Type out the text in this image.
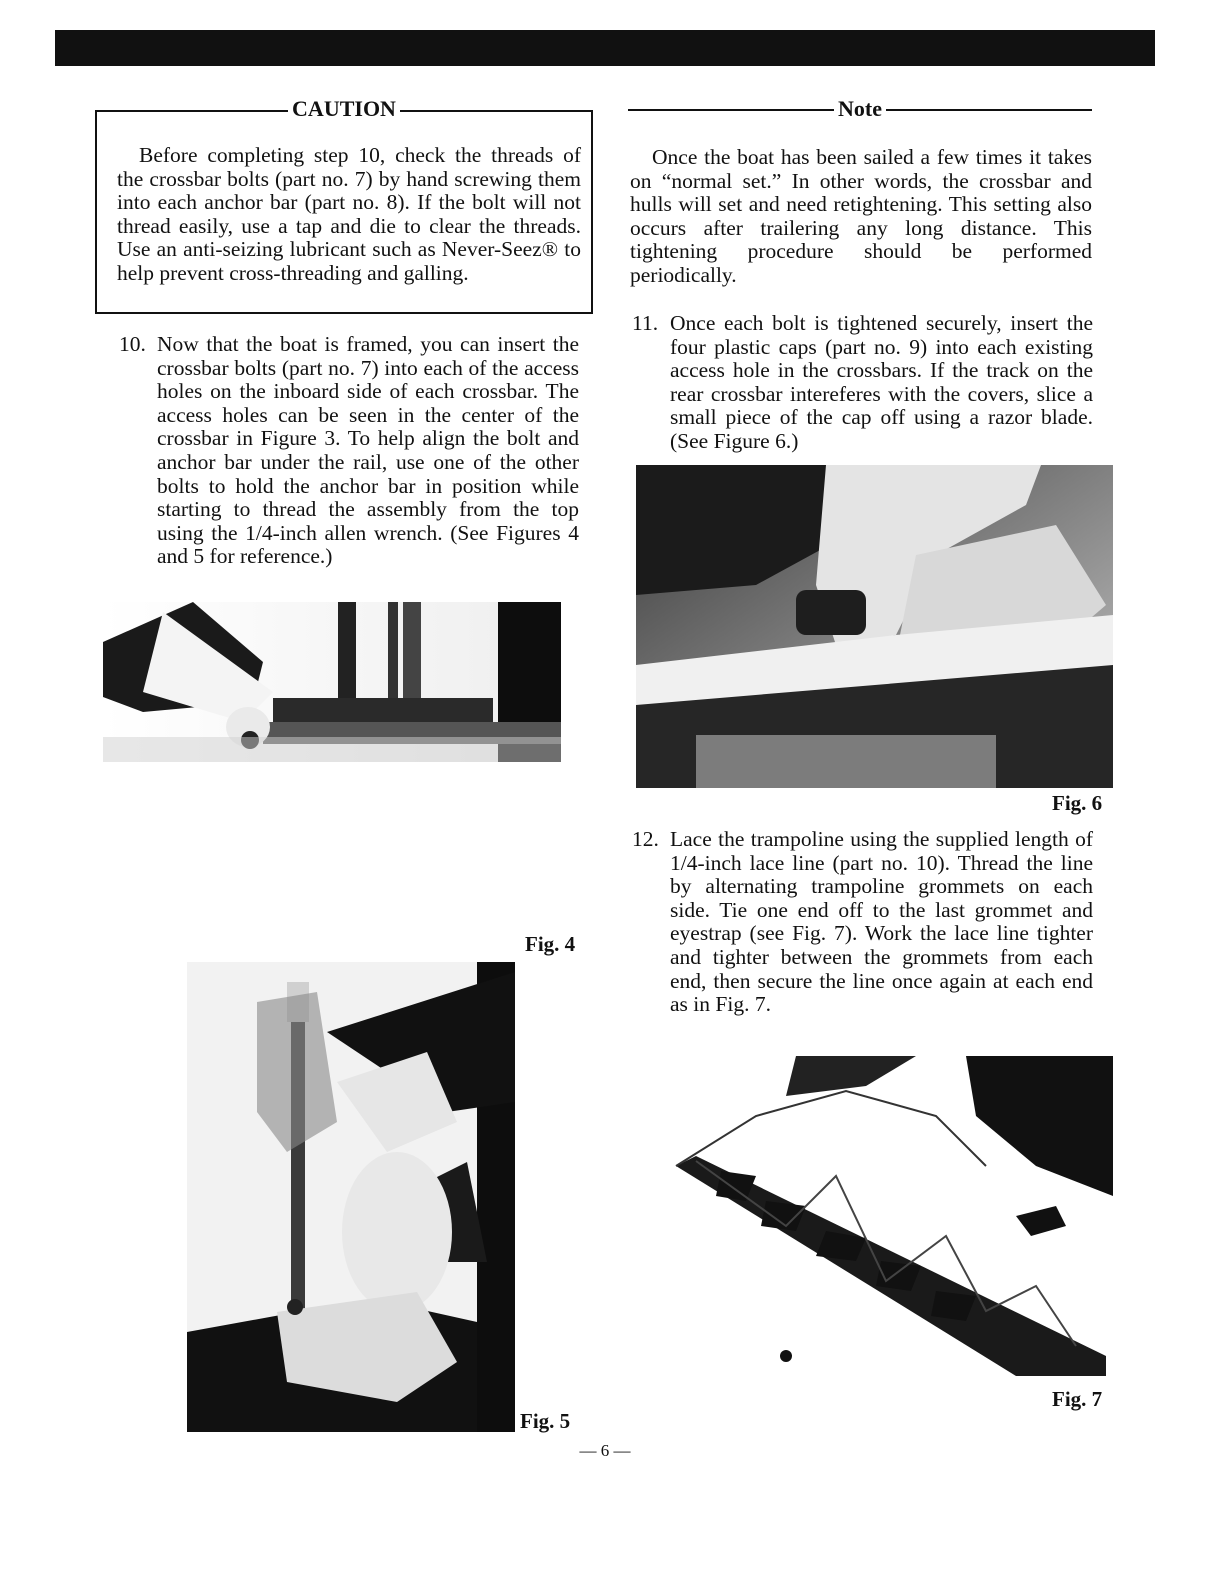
CAUTION
Before completing step 10, check the threads of the crossbar bolts (part no. 7) by hand screwing them into each anchor bar (part no. 8). If the bolt will not thread easily, use a tap and die to clear the threads. Use an anti-seizing lubricant such as Never-Seez® to help prevent cross-threading and galling.
Note
Once the boat has been sailed a few times it takes on “normal set.” In other words, the crossbar and hulls will set and need retightening. This setting also occurs after trailering any long distance. This tightening procedure should be performed periodically.
10. Now that the boat is framed, you can insert the crossbar bolts (part no. 7) into each of the access holes on the inboard side of each crossbar. The access holes can be seen in the center of the crossbar in Figure 3. To help align the bolt and anchor bar under the rail, use one of the other bolts to hold the anchor bar in position while starting to thread the assembly from the top using the 1/4-inch allen wrench. (See Figures 4 and 5 for reference.)
11. Once each bolt is tightened securely, insert the four plastic caps (part no. 9) into each existing access hole in the crossbars. If the track on the rear crossbar intereferes with the covers, slice a small piece of the cap off using a razor blade. (See Figure 6.)
12. Lace the trampoline using the supplied length of 1/4-inch lace line (part no. 10). Thread the line by alternating trampoline grommets on each side. Tie one end off to the last grommet and eyestrap (see Fig. 7). Work the lace line tighter and tighter between the grommets from each end, then secure the line once again at each end as in Fig. 7.
Fig. 4
Fig. 5
Fig. 6
Fig. 7
— 6 —
